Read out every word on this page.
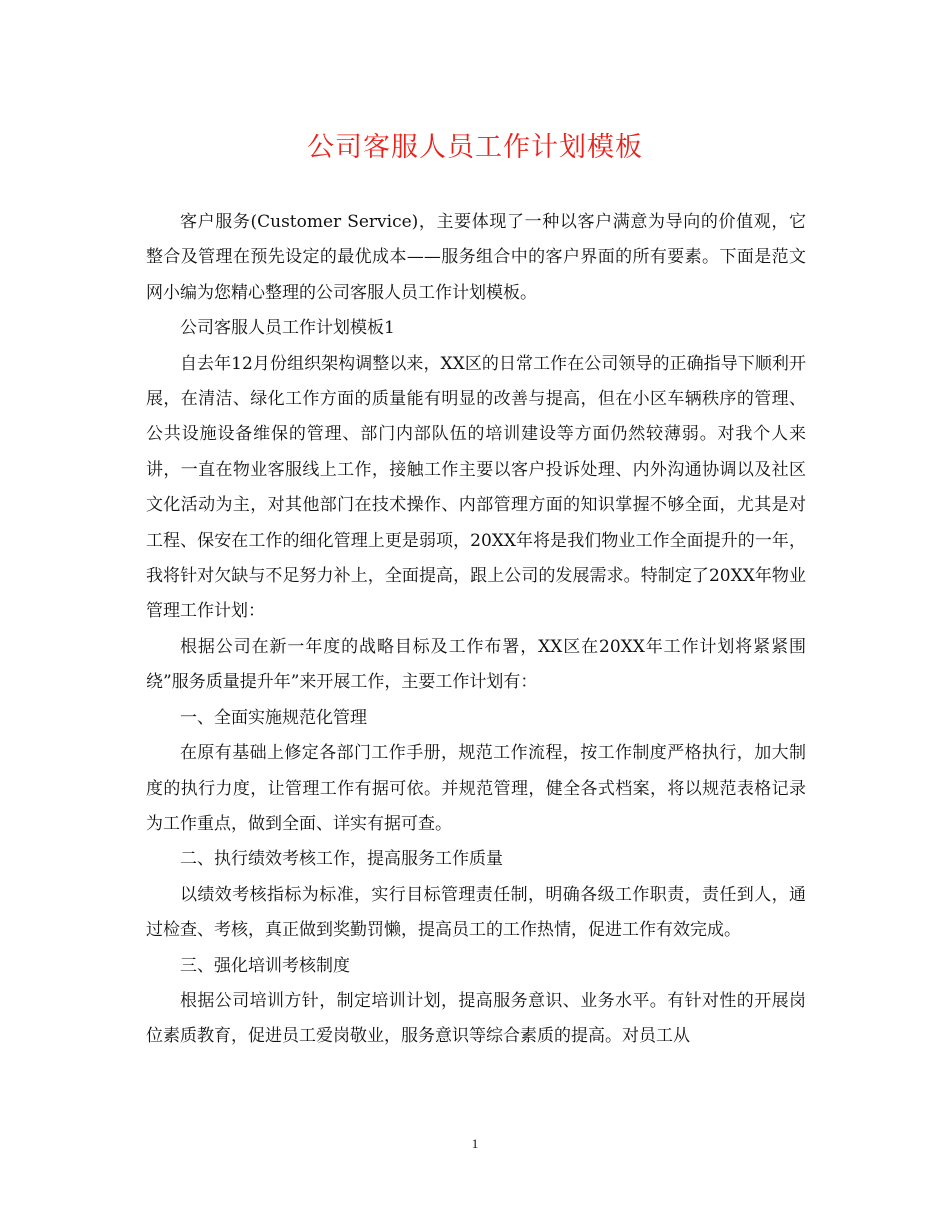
公司客服人员工作计划模板

客户服务(Customer Service)，主要体现了一种以客户满意为导向的价值观，它整合及管理在预先设定的最优成本——服务组合中的客户界面的所有要素。下面是范文网小编为您精心整理的公司客服人员工作计划模板。

公司客服人员工作计划模板1

自去年12月份组织架构调整以来，XX区的日常工作在公司领导的正确指导下顺利开展，在清洁、绿化工作方面的质量能有明显的改善与提高，但在小区车辆秩序的管理、公共设施设备维保的管理、部门内部队伍的培训建设等方面仍然较薄弱。对我个人来讲，一直在物业客服线上工作，接触工作主要以客户投诉处理、内外沟通协调以及社区文化活动为主，对其他部门在技术操作、内部管理方面的知识掌握不够全面，尤其是对工程、保安在工作的细化管理上更是弱项，20XX年将是我们物业工作全面提升的一年，我将针对欠缺与不足努力补上，全面提高，跟上公司的发展需求。特制定了20XX年物业管理工作计划：

根据公司在新一年度的战略目标及工作布署，XX区在20XX年工作计划将紧紧围绕”服务质量提升年”来开展工作，主要工作计划有：

一、全面实施规范化管理

在原有基础上修定各部门工作手册，规范工作流程，按工作制度严格执行，加大制度的执行力度，让管理工作有据可依。并规范管理，健全各式档案，将以规范表格记录为工作重点，做到全面、详实有据可查。

二、执行绩效考核工作，提高服务工作质量

以绩效考核指标为标准，实行目标管理责任制，明确各级工作职责，责任到人，通过检查、考核，真正做到奖勤罚懒，提高员工的工作热情，促进工作有效完成。

三、强化培训考核制度

根据公司培训方针，制定培训计划，提高服务意识、业务水平。有针对性的开展岗位素质教育，促进员工爱岗敬业，服务意识等综合素质的提高。对员工从

1
